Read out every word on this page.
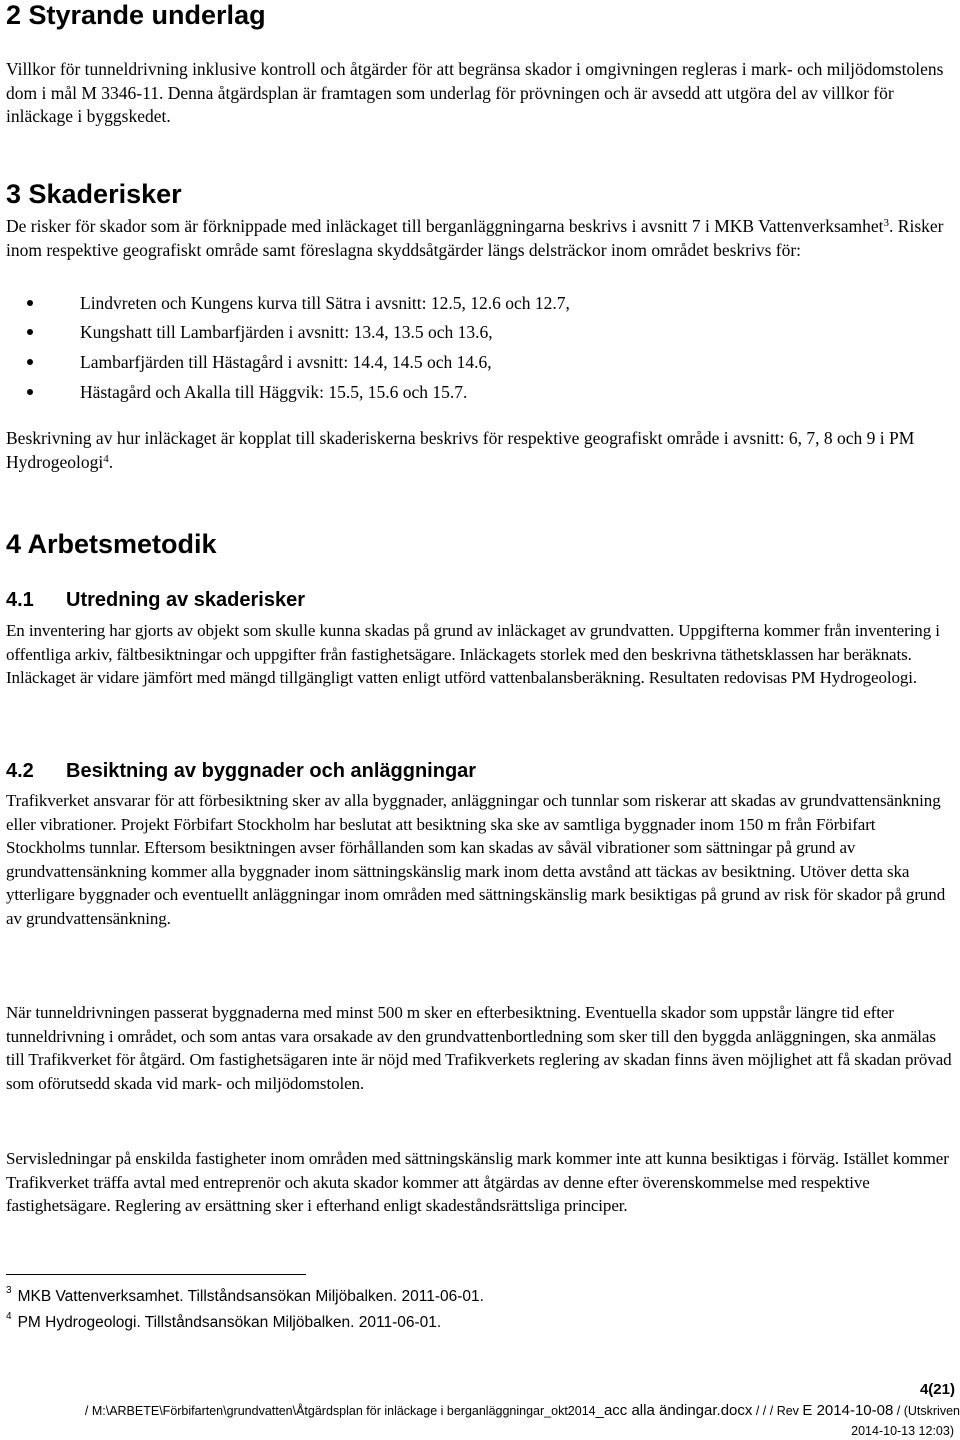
2 Styrande underlag

Villkor för tunneldrivning inklusive kontroll och åtgärder för att begränsa skador i omgivningen regleras i mark- och miljödomstolens dom i mål M 3346-11. Denna åtgärdsplan är framtagen som underlag för prövningen och är avsedd att utgöra del av villkor för inläckage i byggskedet.

3 Skaderisker

De risker för skador som är förknippade med inläckaget till berganläggningarna beskrivs i avsnitt 7 i MKB Vattenverksamhet$^3$. Risker inom respektive geografiskt område samt föreslagna skyddsåtgärder längs delsträckor inom området beskrivs för:

Lindvreten och Kungens kurva till Sätra i avsnitt: 12.5, 12.6 och 12.7,
Kungshatt till Lambarfjärden i avsnitt: 13.4, 13.5 och 13.6,
Lambarfjärden till Hästagård i avsnitt: 14.4, 14.5 och 14.6,
Hästagård och Akalla till Häggvik: 15.5, 15.6 och 15.7.

Beskrivning av hur inläckaget är kopplat till skaderiskerna beskrivs för respektive geografiskt område i avsnitt: 6, 7, 8 och 9 i PM Hydrogeologi$^4$.

4 Arbetsmetodik
4.1 Utredning av skaderisker

En inventering har gjorts av objekt som skulle kunna skadas på grund av inläckaget av grundvatten. Uppgifterna kommer från inventering i offentliga arkiv, fältbesiktningar och uppgifter från fastighetsägare. Inläckagets storlek med den beskrivna täthetsklassen har beräknats. Inläckaget är vidare jämfört med mängd tillgängligt vatten enligt utförd vattenbalansberäkning. Resultaten redovisas PM Hydrogeologi.

4.2 Besiktning av byggnader och anläggningar

Trafikverket ansvarar för att förbesiktning sker av alla byggnader, anläggningar och tunnlar som riskerar att skadas av grundvattensänkning eller vibrationer. Projekt Förbifart Stockholm har beslutat att besiktning ska ske av samtliga byggnader inom 150 m från Förbifart Stockholms tunnlar. Eftersom besiktningen avser förhållanden som kan skadas av såväl vibrationer som sättningar på grund av grundvattensänkning kommer alla byggnader inom sättningskänslig mark inom detta avstånd att täckas av besiktning. Utöver detta ska ytterligare byggnader och eventuellt anläggningar inom områden med sättningskänslig mark besiktigas på grund av risk för skador på grund av grundvattensänkning.

När tunneldrivningen passerat byggnaderna med minst 500 m sker en efterbesiktning. Eventuella skador som uppstår längre tid efter tunneldrivning i området, och som antas vara orsakade av den grundvattenbortledning som sker till den byggda anläggningen, ska anmälas till Trafikverket för åtgärd. Om fastighetsägaren inte är nöjd med Trafikverkets reglering av skadan finns även möjlighet att få skadan prövad som oförutsedd skada vid mark- och miljödomstolen.

Servisledningar på enskilda fastigheter inom områden med sättningskänslig mark kommer inte att kunna besiktigas i förväg. Istället kommer Trafikverket träffa avtal med entreprenör och akuta skador kommer att åtgärdas av denne efter överenskommelse med respektive fastighetsägare. Reglering av ersättning sker i efterhand enligt skadeståndsrättsliga principer.

$^3$ MKB Vattenverksamhet. Tillståndsansökan Miljöbalken. 2011-06-01.
$^4$ PM Hydrogeologi. Tillståndsansökan Miljöbalken. 2011-06-01.
4(21)
/ M:\ARBETE\Förbifarten\grundvatten\Åtgärdsplan för inläckage i berganläggningar_okt2014_acc alla ändingar.docx / / / Rev E 2014-10-08 / (Utskriven
2014-10-13 12:03)
